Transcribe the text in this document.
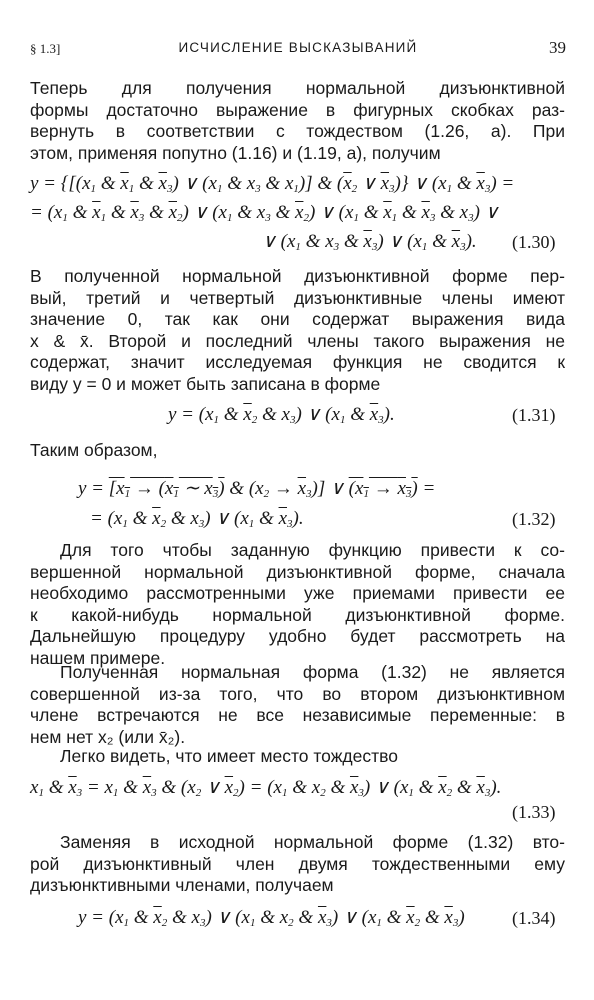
§ 1.3]	ИСЧИСЛЕНИЕ ВЫСКАЗЫВАНИЙ	39
Теперь для получения нормальной дизъюнктивной
формы достаточно выражение в фигурных скобках раз-
вернуть в соответствии с тождеством (1.26, а). При
этом, применяя попутно (1.16) и (1.19, а), получим
$y = \{[(x_1$ & $\overline{x}_1$ & $\overline{x}_3$) ∨ ($x_1$ & $x_3$ & $x_1$)] & ($\overline{x}_2$ ∨ $\overline{x}_3$)} ∨ ($x_1$ & $\overline{x}_3$) =
= ($x_1$ & $\overline{x}_1$ & $\overline{x}_3$ & $\overline{x}_2$) ∨ ($x_1$ & $x_3$ & $\overline{x}_2$) ∨ ($x_1$ & $\overline{x}_1$ & $\overline{x}_3$ & $x_3$) ∨
∨ ($x_1$ & $x_3$ & $\overline{x}_3$) ∨ ($x_1$ & $\overline{x}_3$). (1.30)
В полученной нормальной дизъюнктивной форме пер-
вый, третий и четвертый дизъюнктивные члены имеют
значение 0, так как они содержат выражения вида
x & x̄. Второй и последний члены такого выражения не
содержат, значит исследуемая функция не сводится к
виду y = 0 и может быть записана в форме
$y = (x_1$ & $\overline{x}_2$ & $x_3$) ∨ ($x_1$ & $\overline{x}_3$).	(1.31)
Таким образом,
$y = [x_1 \to (x_1$ ∼ $x_3$) & $(x_2 \to \overline{x}_3)$] ∨ $(x_1 \to x_3)$ =
= ($x_1$ & $\overline{x}_2$ & $x_3$) ∨ ($x_1$ & $\overline{x}_3$).	(1.32)
Для того чтобы заданную функцию привести к со-
вершенной нормальной дизъюнктивной форме, сначала
необходимо рассмотренными уже приемами привести ее
к какой-нибудь нормальной дизъюнктивной форме.
Дальнейшую процедуру удобно будет рассмотреть на
нашем примере.
Полученная нормальная форма (1.32) не является
совершенной из-за того, что во втором дизъюнктивном
члене встречаются не все независимые переменные: в
нем нет x₂ (или x̄₂).
Легко видеть, что имеет место тождество
$x_1$ & $\overline{x}_3 = x_1$ & $\overline{x}_3$ & ($x_2$ ∨ $\overline{x}_2) = (x_1$ & $x_2$ & $\overline{x}_3$) ∨ ($x_1$ & $\overline{x}_2$ & $\overline{x}_3$).
(1.33)
Заменяя в исходной нормальной форме (1.32) вто-
рой дизъюнктивный член двумя тождественными ему
дизъюнктивными членами, получаем
$y = (x_1$ & $\overline{x}_2$ & $x_3$) ∨ ($x_1$ & $x_2$ & $\overline{x}_3$) ∨ ($x_1$ & $\overline{x}_2$ & $\overline{x}_3$)	(1.34)
